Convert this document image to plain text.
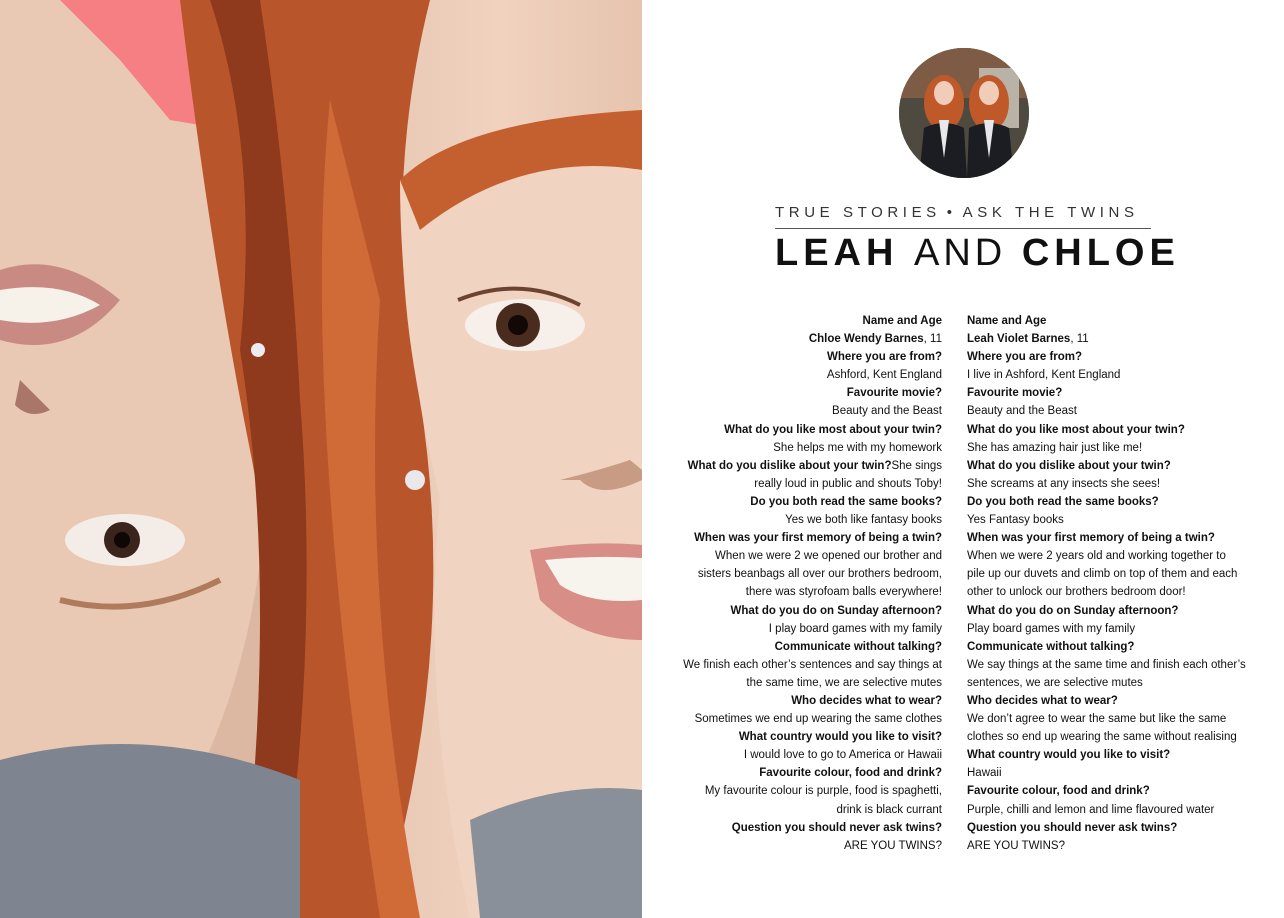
TRUE STORIES • ASK THE TWINS
LEAH AND CHLOE
Name and Age
Chloe Wendy Barnes, 11
Where you are from?
Ashford, Kent England
Favourite movie?
Beauty and the Beast
What do you like most about your twin?
She helps me with my homework
What do you dislike about your twin?She sings
really loud in public and shouts Toby!
Do you both read the same books?
Yes we both like fantasy books
When was your first memory of being a twin?
When we were 2 we opened our brother and
sisters beanbags all over our brothers bedroom,
there was styrofoam balls everywhere!
What do you do on Sunday afternoon?
I play board games with my family
Communicate without talking?
We finish each other’s sentences and say things at
the same time, we are selective mutes
Who decides what to wear?
Sometimes we end up wearing the same clothes
What country would you like to visit?
I would love to go to America or Hawaii
Favourite colour, food and drink?
My favourite colour is purple, food is spaghetti,
drink is black currant
Question you should never ask twins?
ARE YOU TWINS?
Name and Age
Leah Violet Barnes, 11
Where you are from?
I live in Ashford, Kent England
Favourite movie?
Beauty and the Beast
What do you like most about your twin?
She has amazing hair just like me!
What do you dislike about your twin?
She screams at any insects she sees!
Do you both read the same books?
Yes Fantasy books
When was your first memory of being a twin?
When we were 2 years old and working together to
pile up our duvets and climb on top of them and each
other to unlock our brothers bedroom door!
What do you do on Sunday afternoon?
Play board games with my family
Communicate without talking?
We say things at the same time and finish each other’s
sentences, we are selective mutes
Who decides what to wear?
We don’t agree to wear the same but like the same
clothes so end up wearing the same without realising
What country would you like to visit?
Hawaii
Favourite colour, food and drink?
Purple, chilli and lemon and lime flavoured water
Question you should never ask twins?
ARE YOU TWINS?
